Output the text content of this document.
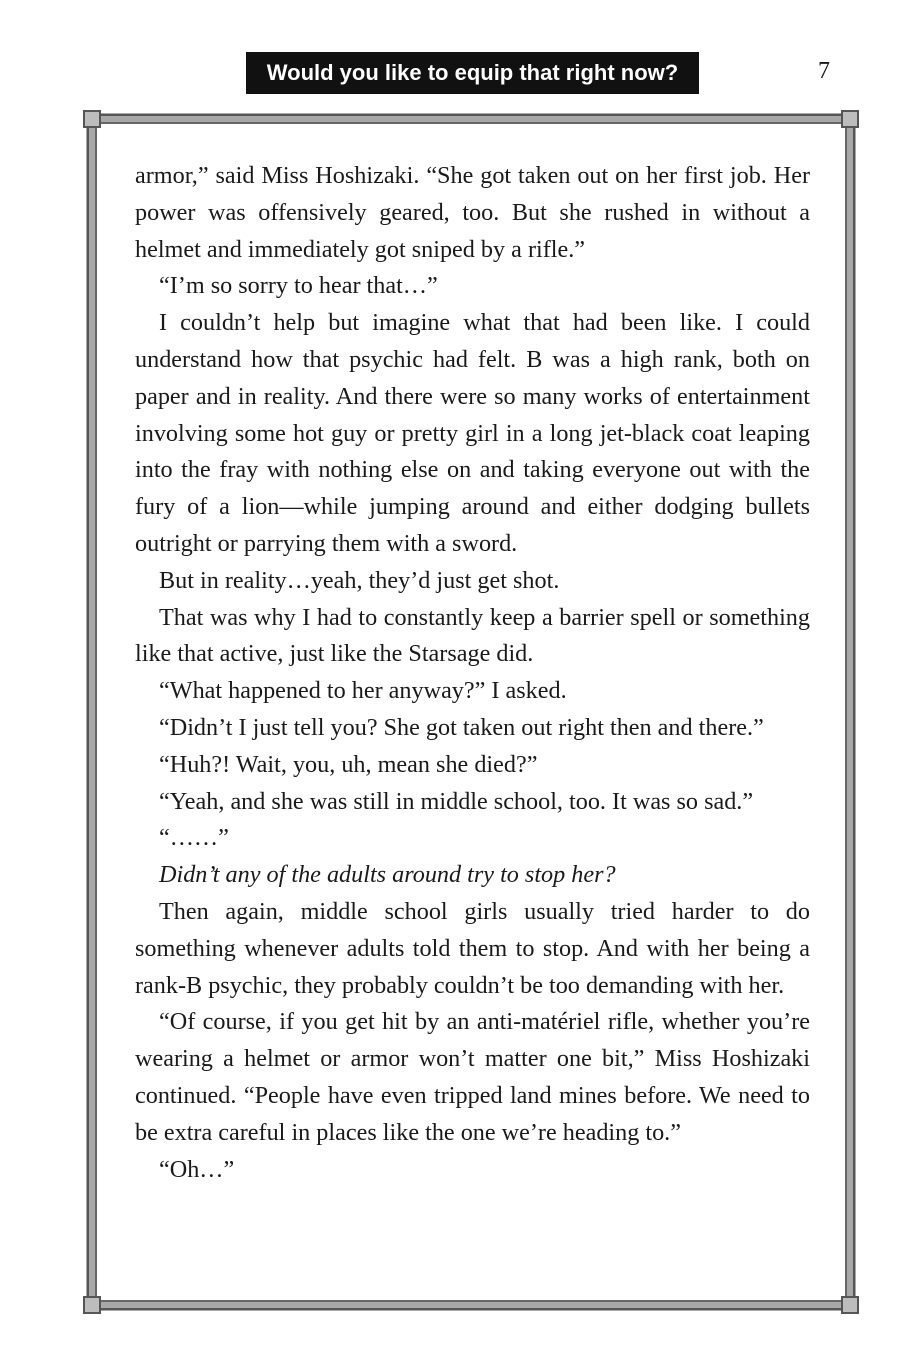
Would you like to equip that right now?	7

armor,” said Miss Hoshizaki. “She got taken out on her first job. Her power was offensively geared, too. But she rushed in without a helmet and immediately got sniped by a rifle.”

“I’m so sorry to hear that…”

I couldn’t help but imagine what that had been like. I could understand how that psychic had felt. B was a high rank, both on paper and in reality. And there were so many works of entertainment involving some hot guy or pretty girl in a long jet-black coat leaping into the fray with nothing else on and taking everyone out with the fury of a lion—while jumping around and either dodging bullets outright or parrying them with a sword.

But in reality…yeah, they’d just get shot.

That was why I had to constantly keep a barrier spell or something like that active, just like the Starsage did.

“What happened to her anyway?” I asked.

“Didn’t I just tell you? She got taken out right then and there.”

“Huh?! Wait, you, uh, mean she died?”

“Yeah, and she was still in middle school, too. It was so sad.”

“……”

Didn’t any of the adults around try to stop her?

Then again, middle school girls usually tried harder to do something whenever adults told them to stop. And with her being a rank-B psychic, they probably couldn’t be too demanding with her.

“Of course, if you get hit by an anti-matériel rifle, whether you’re wearing a helmet or armor won’t matter one bit,” Miss Hoshizaki continued. “People have even tripped land mines before. We need to be extra careful in places like the one we’re heading to.”

“Oh…”
